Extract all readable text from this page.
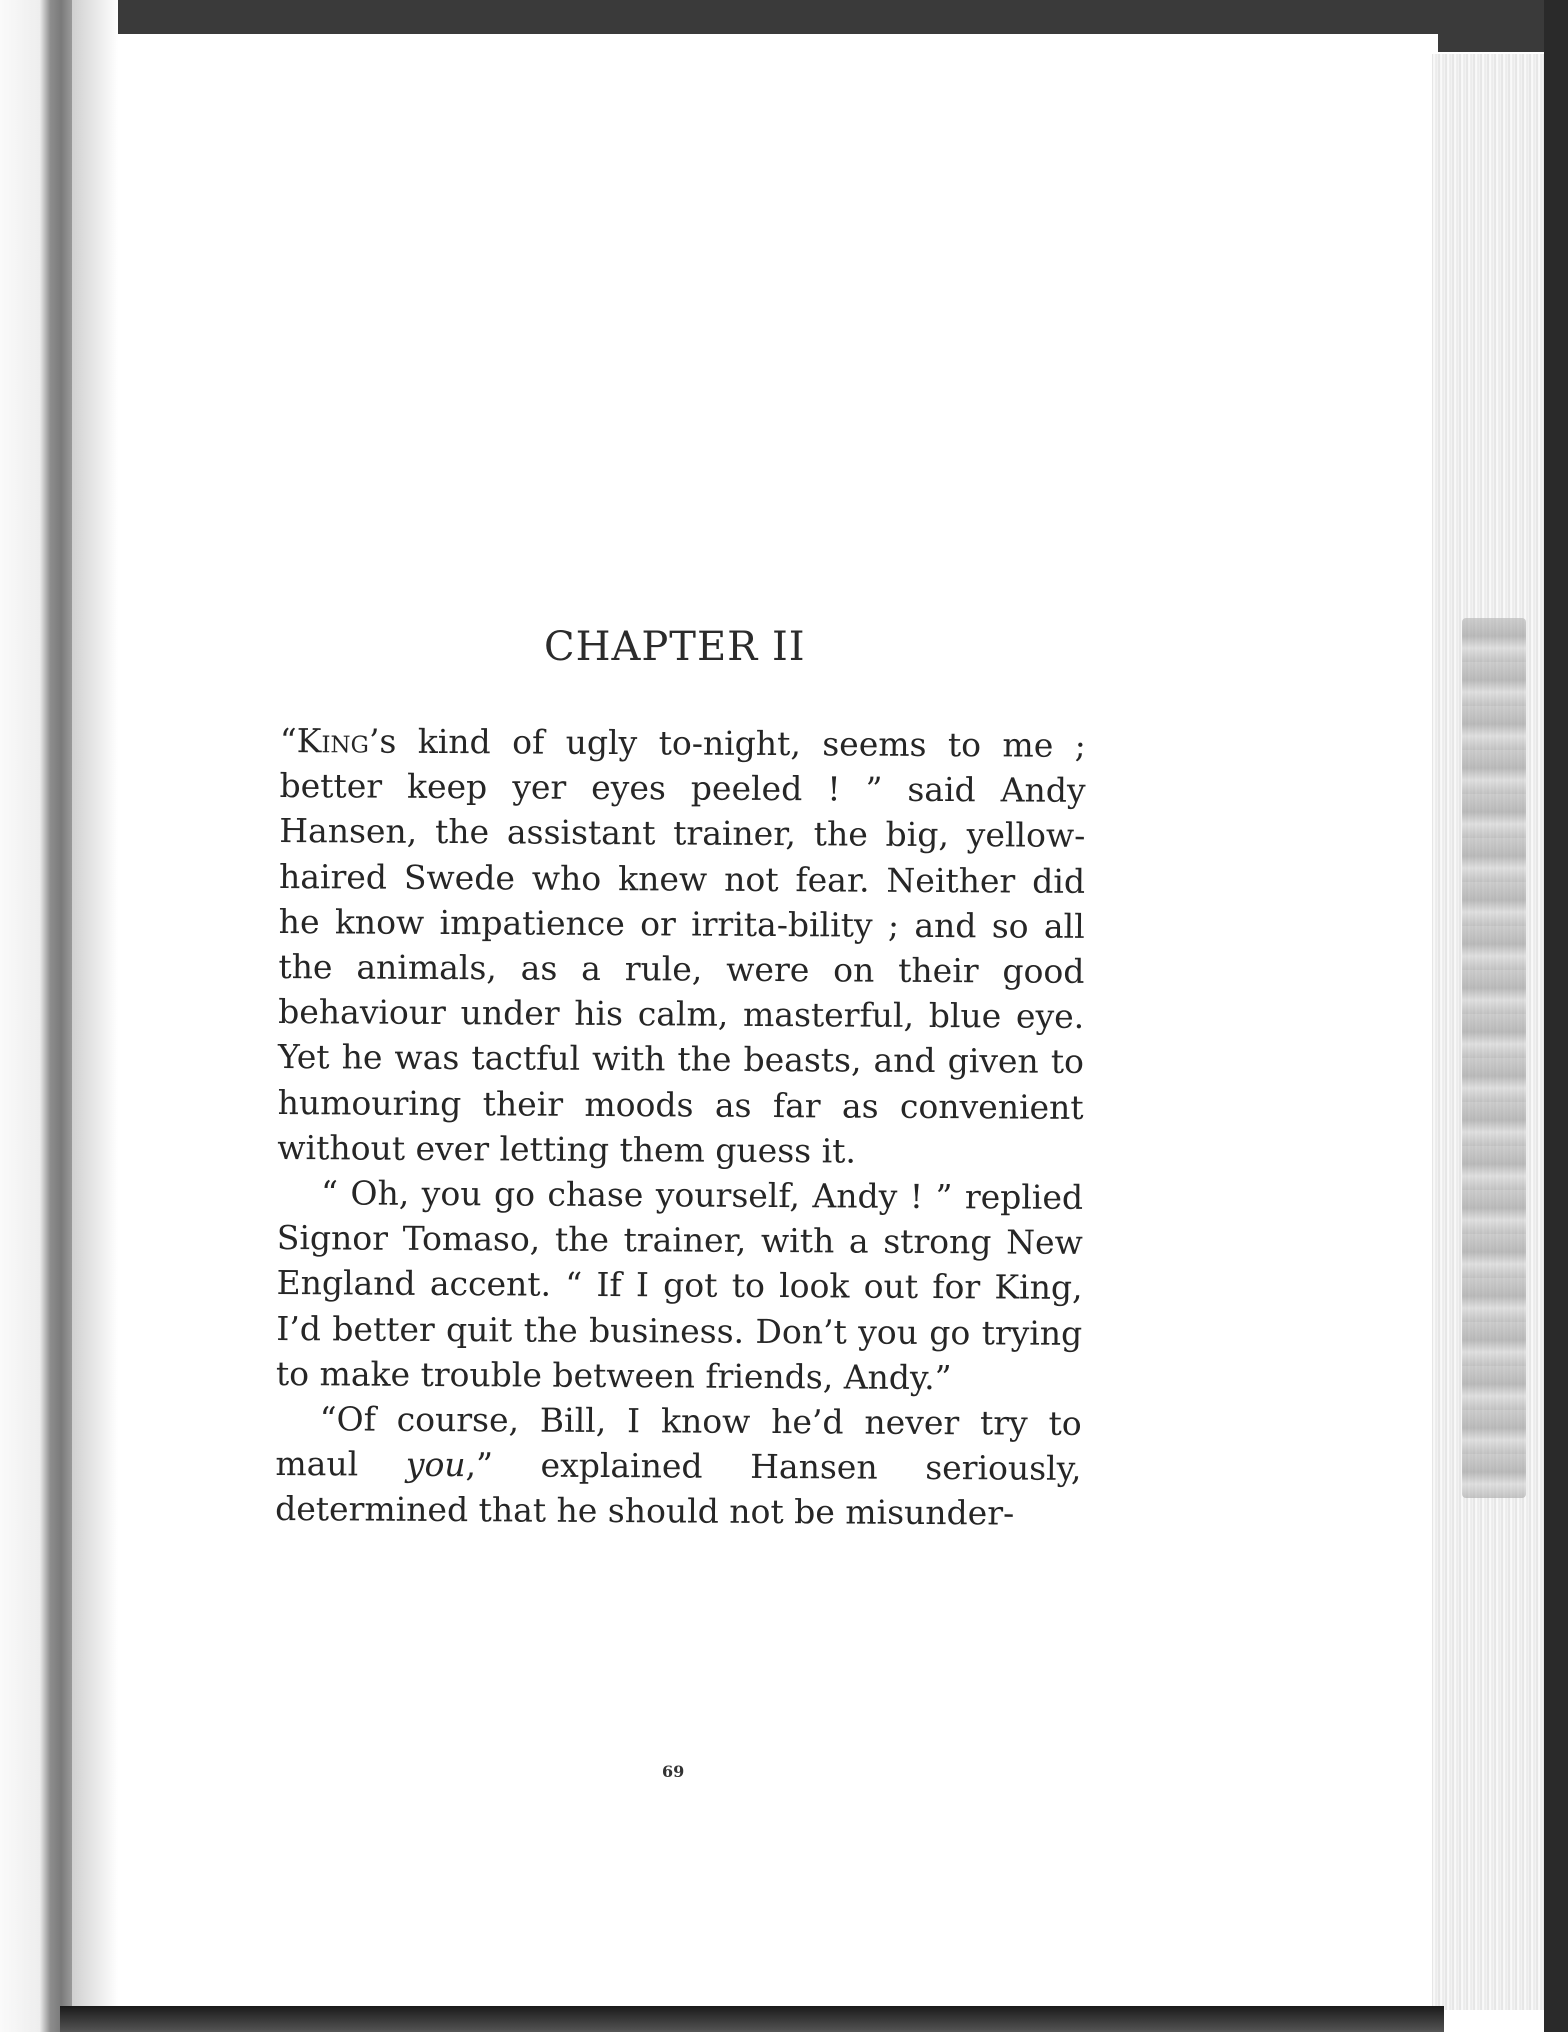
CHAPTER II

“King’s kind of ugly to-night, seems to me ; better keep yer eyes peeled ! ” said Andy Hansen, the assistant trainer, the big, yellow-haired Swede who knew not fear. Neither did he know impatience or irrita-bility ; and so all the animals, as a rule, were on their good behaviour under his calm, masterful, blue eye. Yet he was tactful with the beasts, and given to humouring their moods as far as convenient without ever letting them guess it.

“ Oh, you go chase yourself, Andy ! ” replied Signor Tomaso, the trainer, with a strong New England accent. “ If I got to look out for King, I’d better quit the business. Don’t you go trying to make trouble between friends, Andy.”

“Of course, Bill, I know he’d never try to maul you,” explained Hansen seriously, determined that he should not be misunder-

69
